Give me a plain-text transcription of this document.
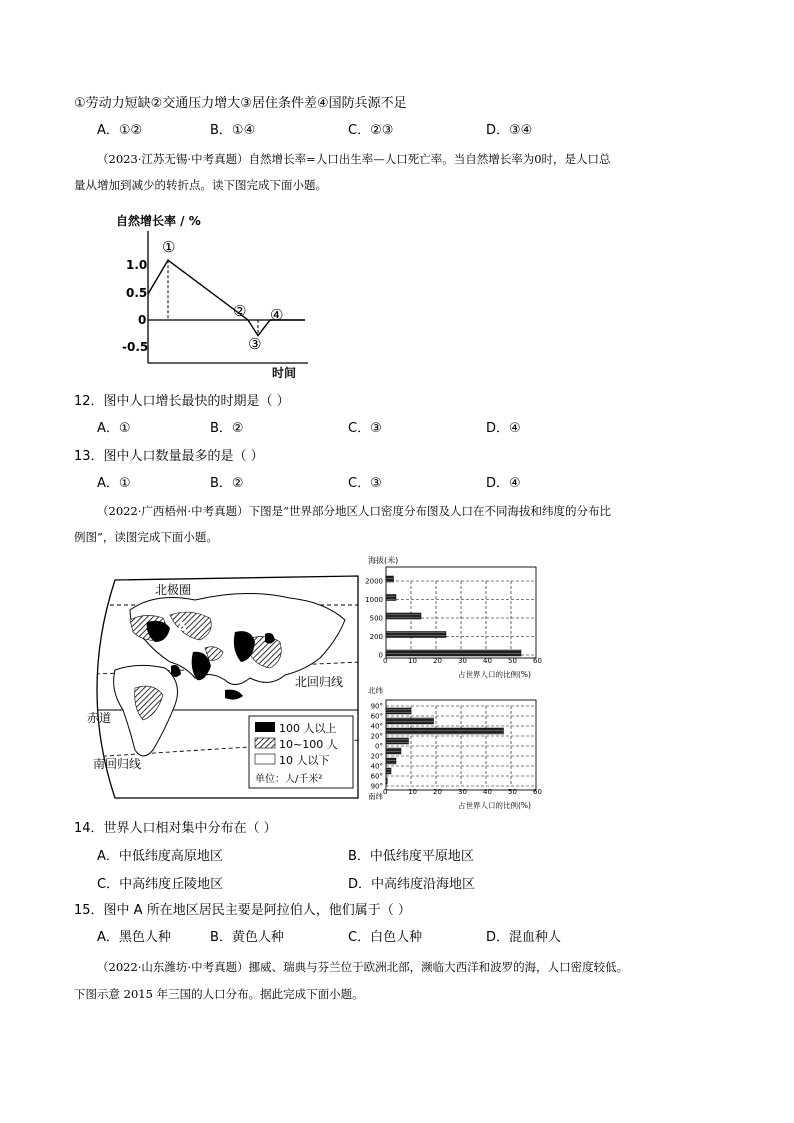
①劳动力短缺②交通压力增大③居住条件差④国防兵源不足
A．①②	B．①④	C．②③	D．③④
（2023·江苏无锡·中考真题）自然增长率=人口出生率—人口死亡率。当自然增长率为0时，是人口总
量从增加到减少的转折点。读下图完成下面小题。
自然增长率 / %
1.0
0.5
0
-0.5
①
②
③
④
时间
12．图中人口增长最快的时期是（ ）
A．①	B．②	C．③	D．④
13．图中人口数量最多的是（ ）
A．①	B．②	C．③	D．④
（2022·广西梧州·中考真题）下图是“世界部分地区人口密度分布图及人口在不同海拔和纬度的分布比
例图”，读图完成下面小题。
A
北极圈
北回归线
赤道
南回归线
100 人以上
10~100 人
10 人以下
单位：人/千米²
海拔(米)
2000
1000
500
200
0
0	10 20 30 40 50 60
占世界人口的比例(%)
北纬
90°
60°
40°
20°
0°
20°
40°
60°
90°
0	10 20 30 40 50 60
南纬
占世界人口的比例(%)
14．世界人口相对集中分布在（ ）
A．中低纬度高原地区	B．中低纬度平原地区
C．中高纬度丘陵地区	D．中高纬度沿海地区
15．图中 A 所在地区居民主要是阿拉伯人，他们属于（ ）
A．黑色人种	B．黄色人种	C．白色人种	D．混血种人
（2022·山东潍坊·中考真题）挪威、瑞典与芬兰位于欧洲北部，濒临大西洋和波罗的海，人口密度较低。
下图示意 2015 年三国的人口分布。据此完成下面小题。
